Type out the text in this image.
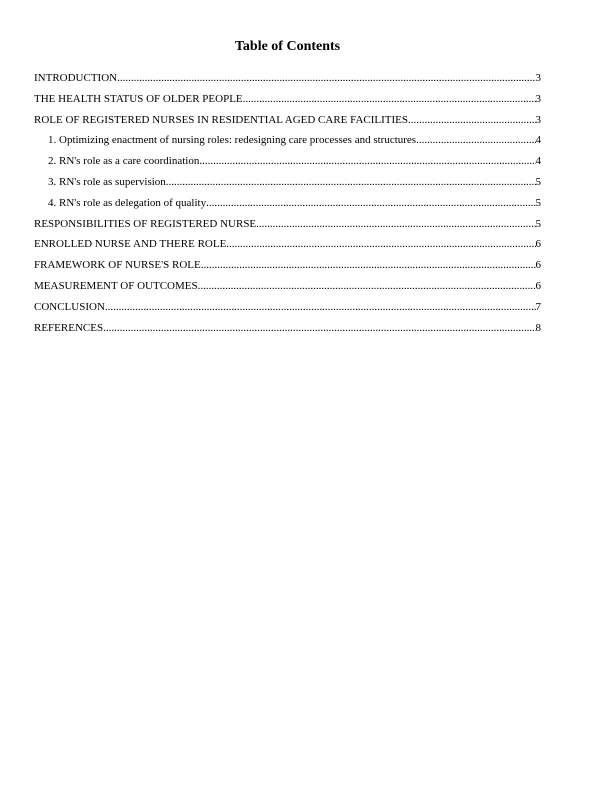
Table of Contents
INTRODUCTION .....	3
THE HEALTH STATUS OF OLDER PEOPLE .....	3
ROLE OF REGISTERED NURSES IN RESIDENTIAL AGED CARE FACILITIES .....	3
1. Optimizing enactment of nursing roles: redesigning care processes and structures .....	4
2. RN's role as a care coordination .....	4
3. RN's role as supervision .....	5
4. RN's role as delegation of quality .....	5
RESPONSIBILITIES OF REGISTERED NURSE .....	5
ENROLLED NURSE AND THERE ROLE .....	6
FRAMEWORK OF NURSE'S ROLE .....	6
MEASUREMENT OF OUTCOMES .....	6
CONCLUSION .....	7
REFERENCES .....	8
